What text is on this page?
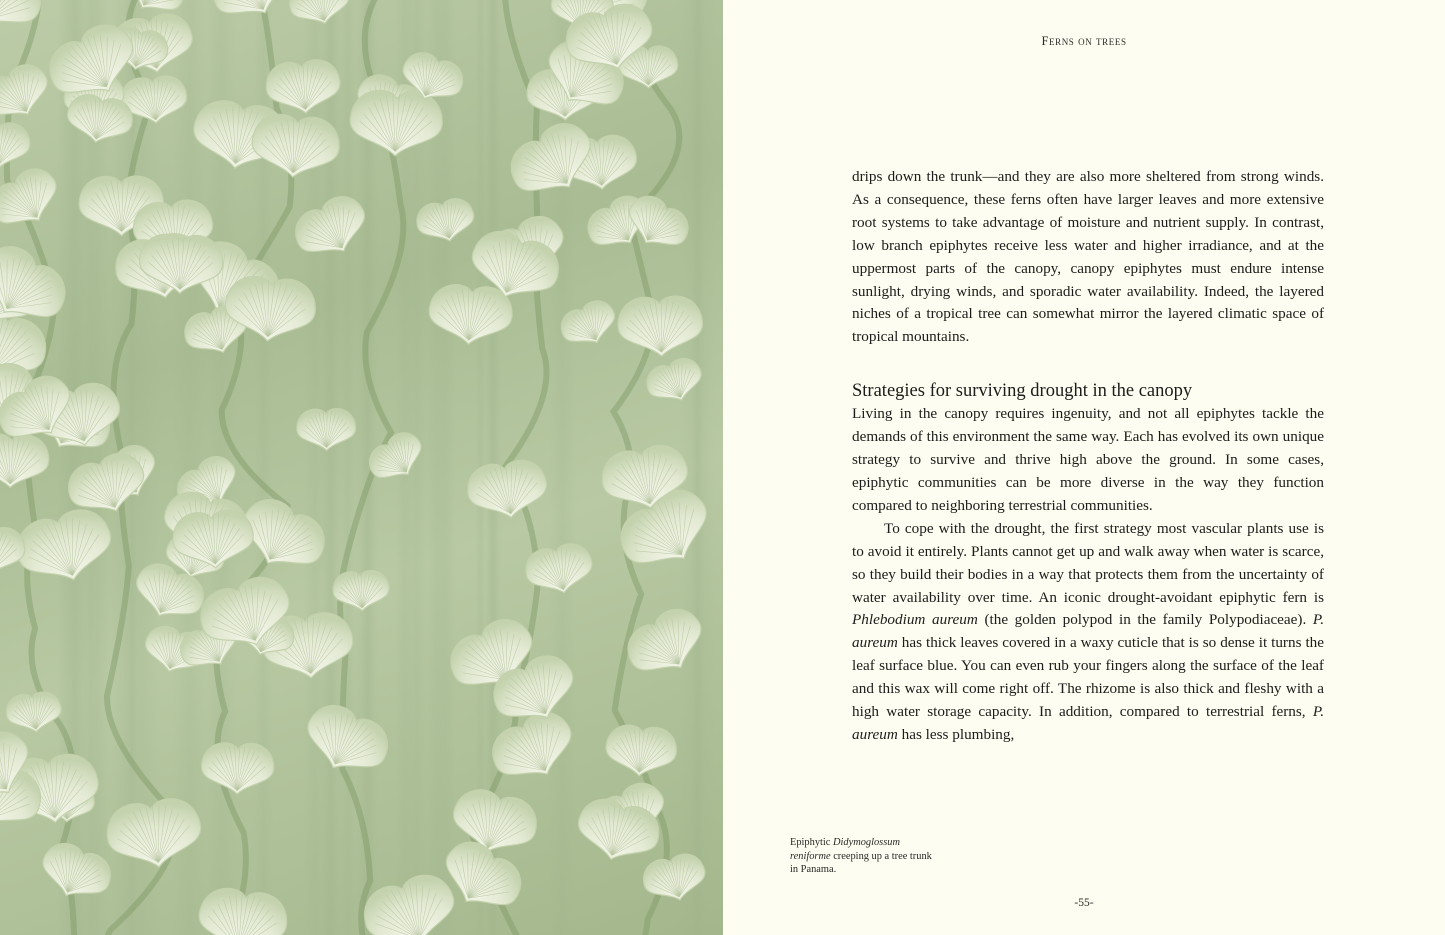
Ferns on trees

drips down the trunk—and they are also more sheltered from strong winds. As a consequence, these ferns often have larger leaves and more extensive root systems to take advantage of moisture and nutrient supply. In contrast, low branch epiphytes receive less water and higher irradiance, and at the uppermost parts of the canopy, canopy epiphytes must endure intense sunlight, drying winds, and sporadic water availability. Indeed, the layered niches of a tropical tree can somewhat mirror the layered climatic space of tropical mountains.

Strategies for surviving drought in the canopy

Living in the canopy requires ingenuity, and not all epiphytes tackle the demands of this environment the same way. Each has evolved its own unique strategy to survive and thrive high above the ground. In some cases, epiphytic communities can be more diverse in the way they function compared to neighboring terrestrial communities.

To cope with the drought, the first strategy most vascular plants use is to avoid it entirely. Plants cannot get up and walk away when water is scarce, so they build their bodies in a way that protects them from the uncertainty of water availability over time. An iconic drought-avoidant epiphytic fern is Phlebodium aureum (the golden polypod in the family Polypodiaceae). P. aureum has thick leaves covered in a waxy cuticle that is so dense it turns the leaf surface blue. You can even rub your fingers along the surface of the leaf and this wax will come right off. The rhizome is also thick and fleshy with a high water storage capacity. In addition, compared to terrestrial ferns, P. aureum has less plumbing,

Epiphytic Didymoglossum reniforme creeping up a tree trunk in Panama.
-55-
